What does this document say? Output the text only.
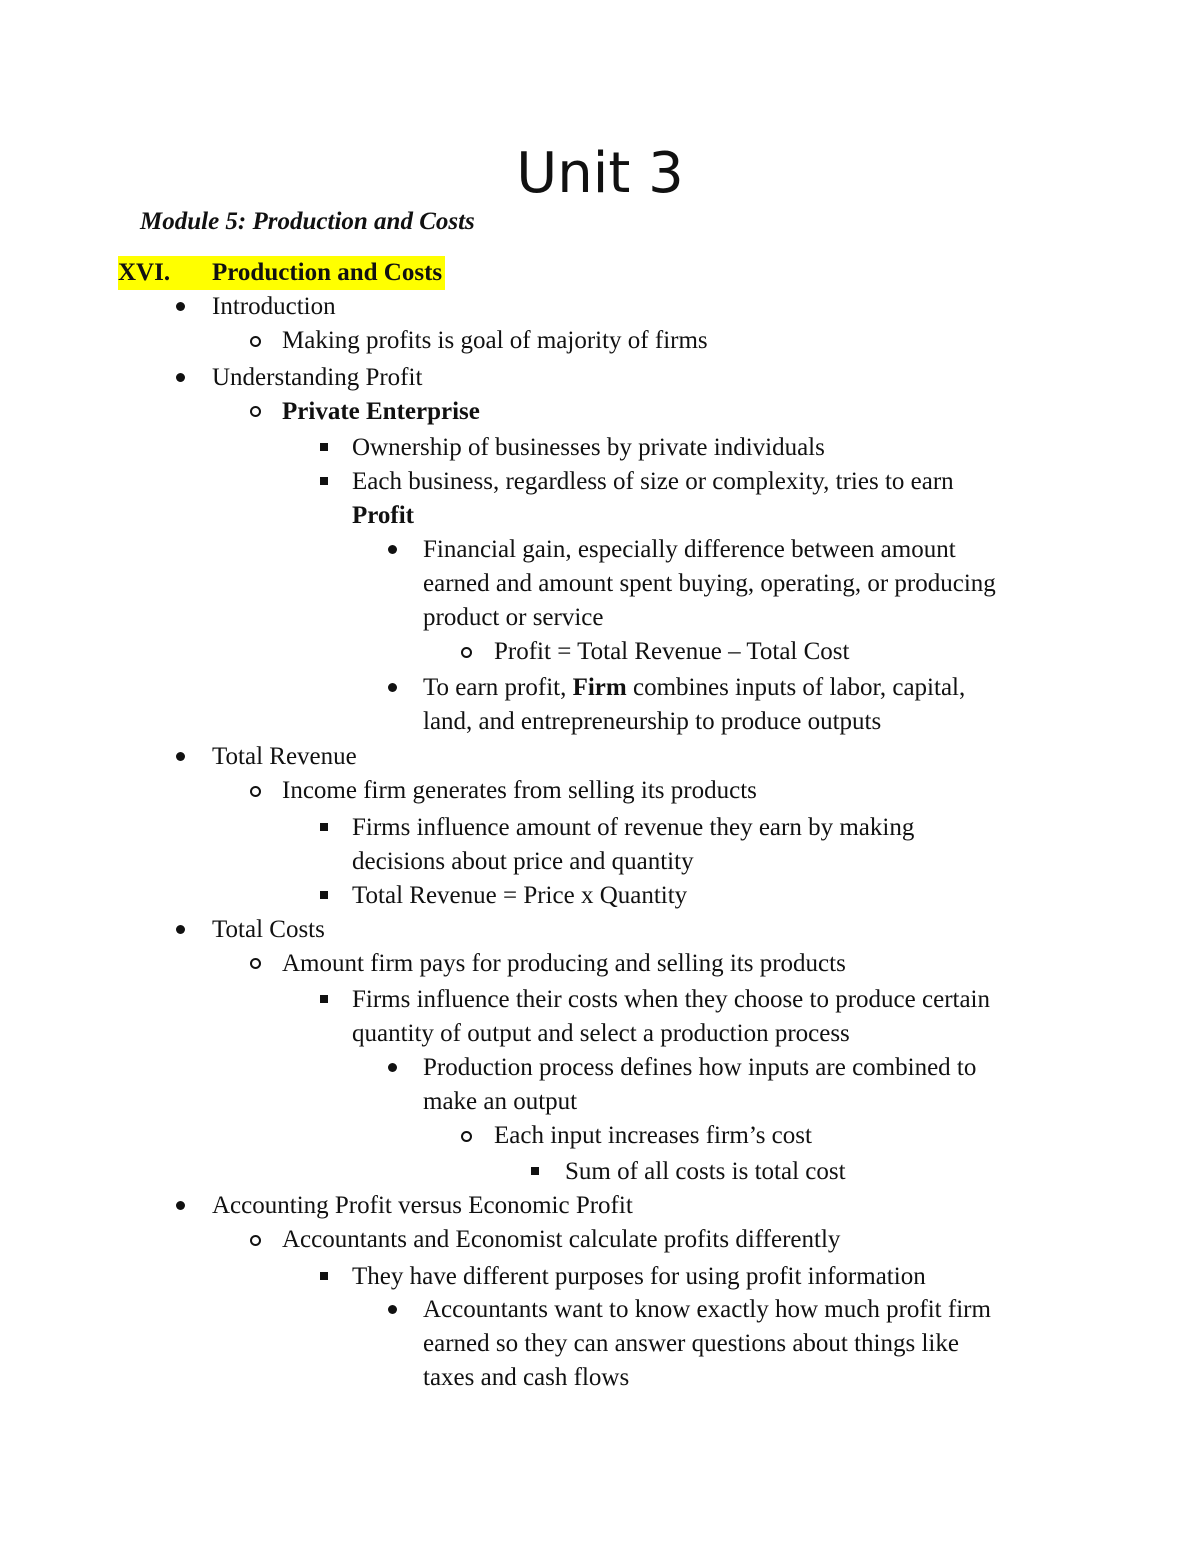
Unit 3
Module 5: Production and Costs
XVI. Production and Costs
Introduction
Making profits is goal of majority of firms
Understanding Profit
Private Enterprise
Ownership of businesses by private individuals
Each business, regardless of size or complexity, tries to earn
Profit
Financial gain, especially difference between amount
earned and amount spent buying, operating, or producing
product or service
Profit = Total Revenue – Total Cost
To earn profit, Firm combines inputs of labor, capital,
land, and entrepreneurship to produce outputs
Total Revenue
Income firm generates from selling its products
Firms influence amount of revenue they earn by making
decisions about price and quantity
Total Revenue = Price x Quantity
Total Costs
Amount firm pays for producing and selling its products
Firms influence their costs when they choose to produce certain
quantity of output and select a production process
Production process defines how inputs are combined to
make an output
Each input increases firm’s cost
Sum of all costs is total cost
Accounting Profit versus Economic Profit
Accountants and Economist calculate profits differently
They have different purposes for using profit information
Accountants want to know exactly how much profit firm
earned so they can answer questions about things like
taxes and cash flows
